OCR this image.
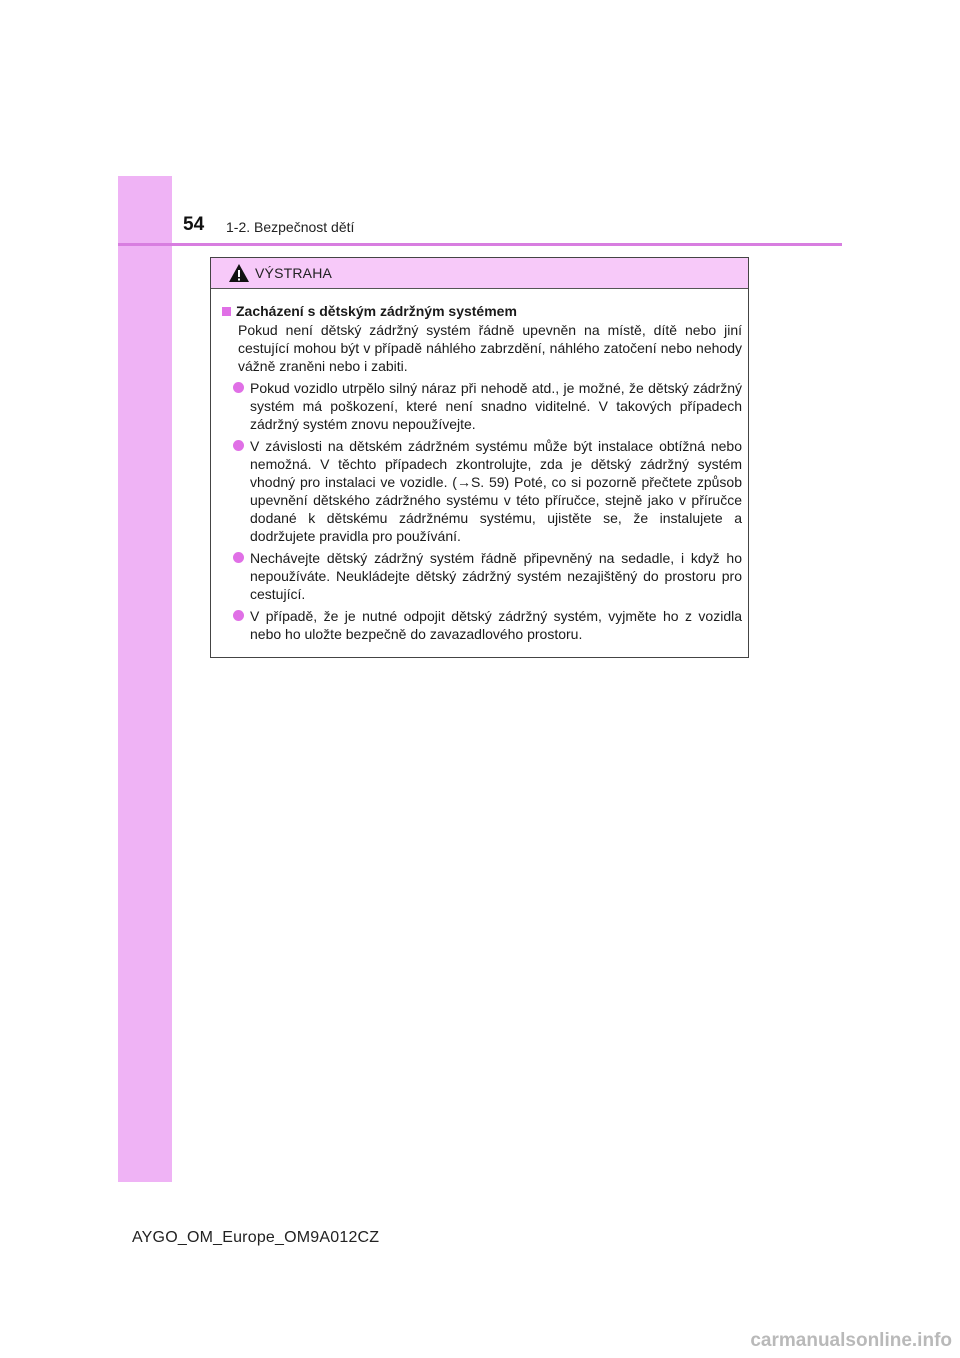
54 1-2. Bezpečnost dětí
VÝSTRAHA
Zacházení s dětským zádržným systémem

Pokud není dětský zádržný systém řádně upevněn na místě, dítě nebo jiní cestující mohou být v případě náhlého zabrzdění, náhlého zatočení nebo nehody vážně zraněni nebo i zabiti.

Pokud vozidlo utrpělo silný náraz při nehodě atd., je možné, že dětský zádržný systém má poškození, které není snadno viditelné. V takových případech zádržný systém znovu nepoužívejte.
V závislosti na dětském zádržném systému může být instalace obtížná nebo nemožná. V těchto případech zkontrolujte, zda je dětský zádržný systém vhodný pro instalaci ve vozidle. (→S. 59) Poté, co si pozorně přečtete způsob upevnění dětského zádržného systému v této příručce, stejně jako v příručce dodané k dětskému zádržnému systému, ujistěte se, že instalujete a dodržujete pravidla pro používání.
Nechávejte dětský zádržný systém řádně připevněný na sedadle, i když ho nepoužíváte. Neukládejte dětský zádržný systém nezajištěný do prostoru pro cestující.
V případě, že je nutné odpojit dětský zádržný systém, vyjměte ho z vozidla nebo ho uložte bezpečně do zavazadlového prostoru.
AYGO_OM_Europe_OM9A012CZ
carmanualsonline.info
